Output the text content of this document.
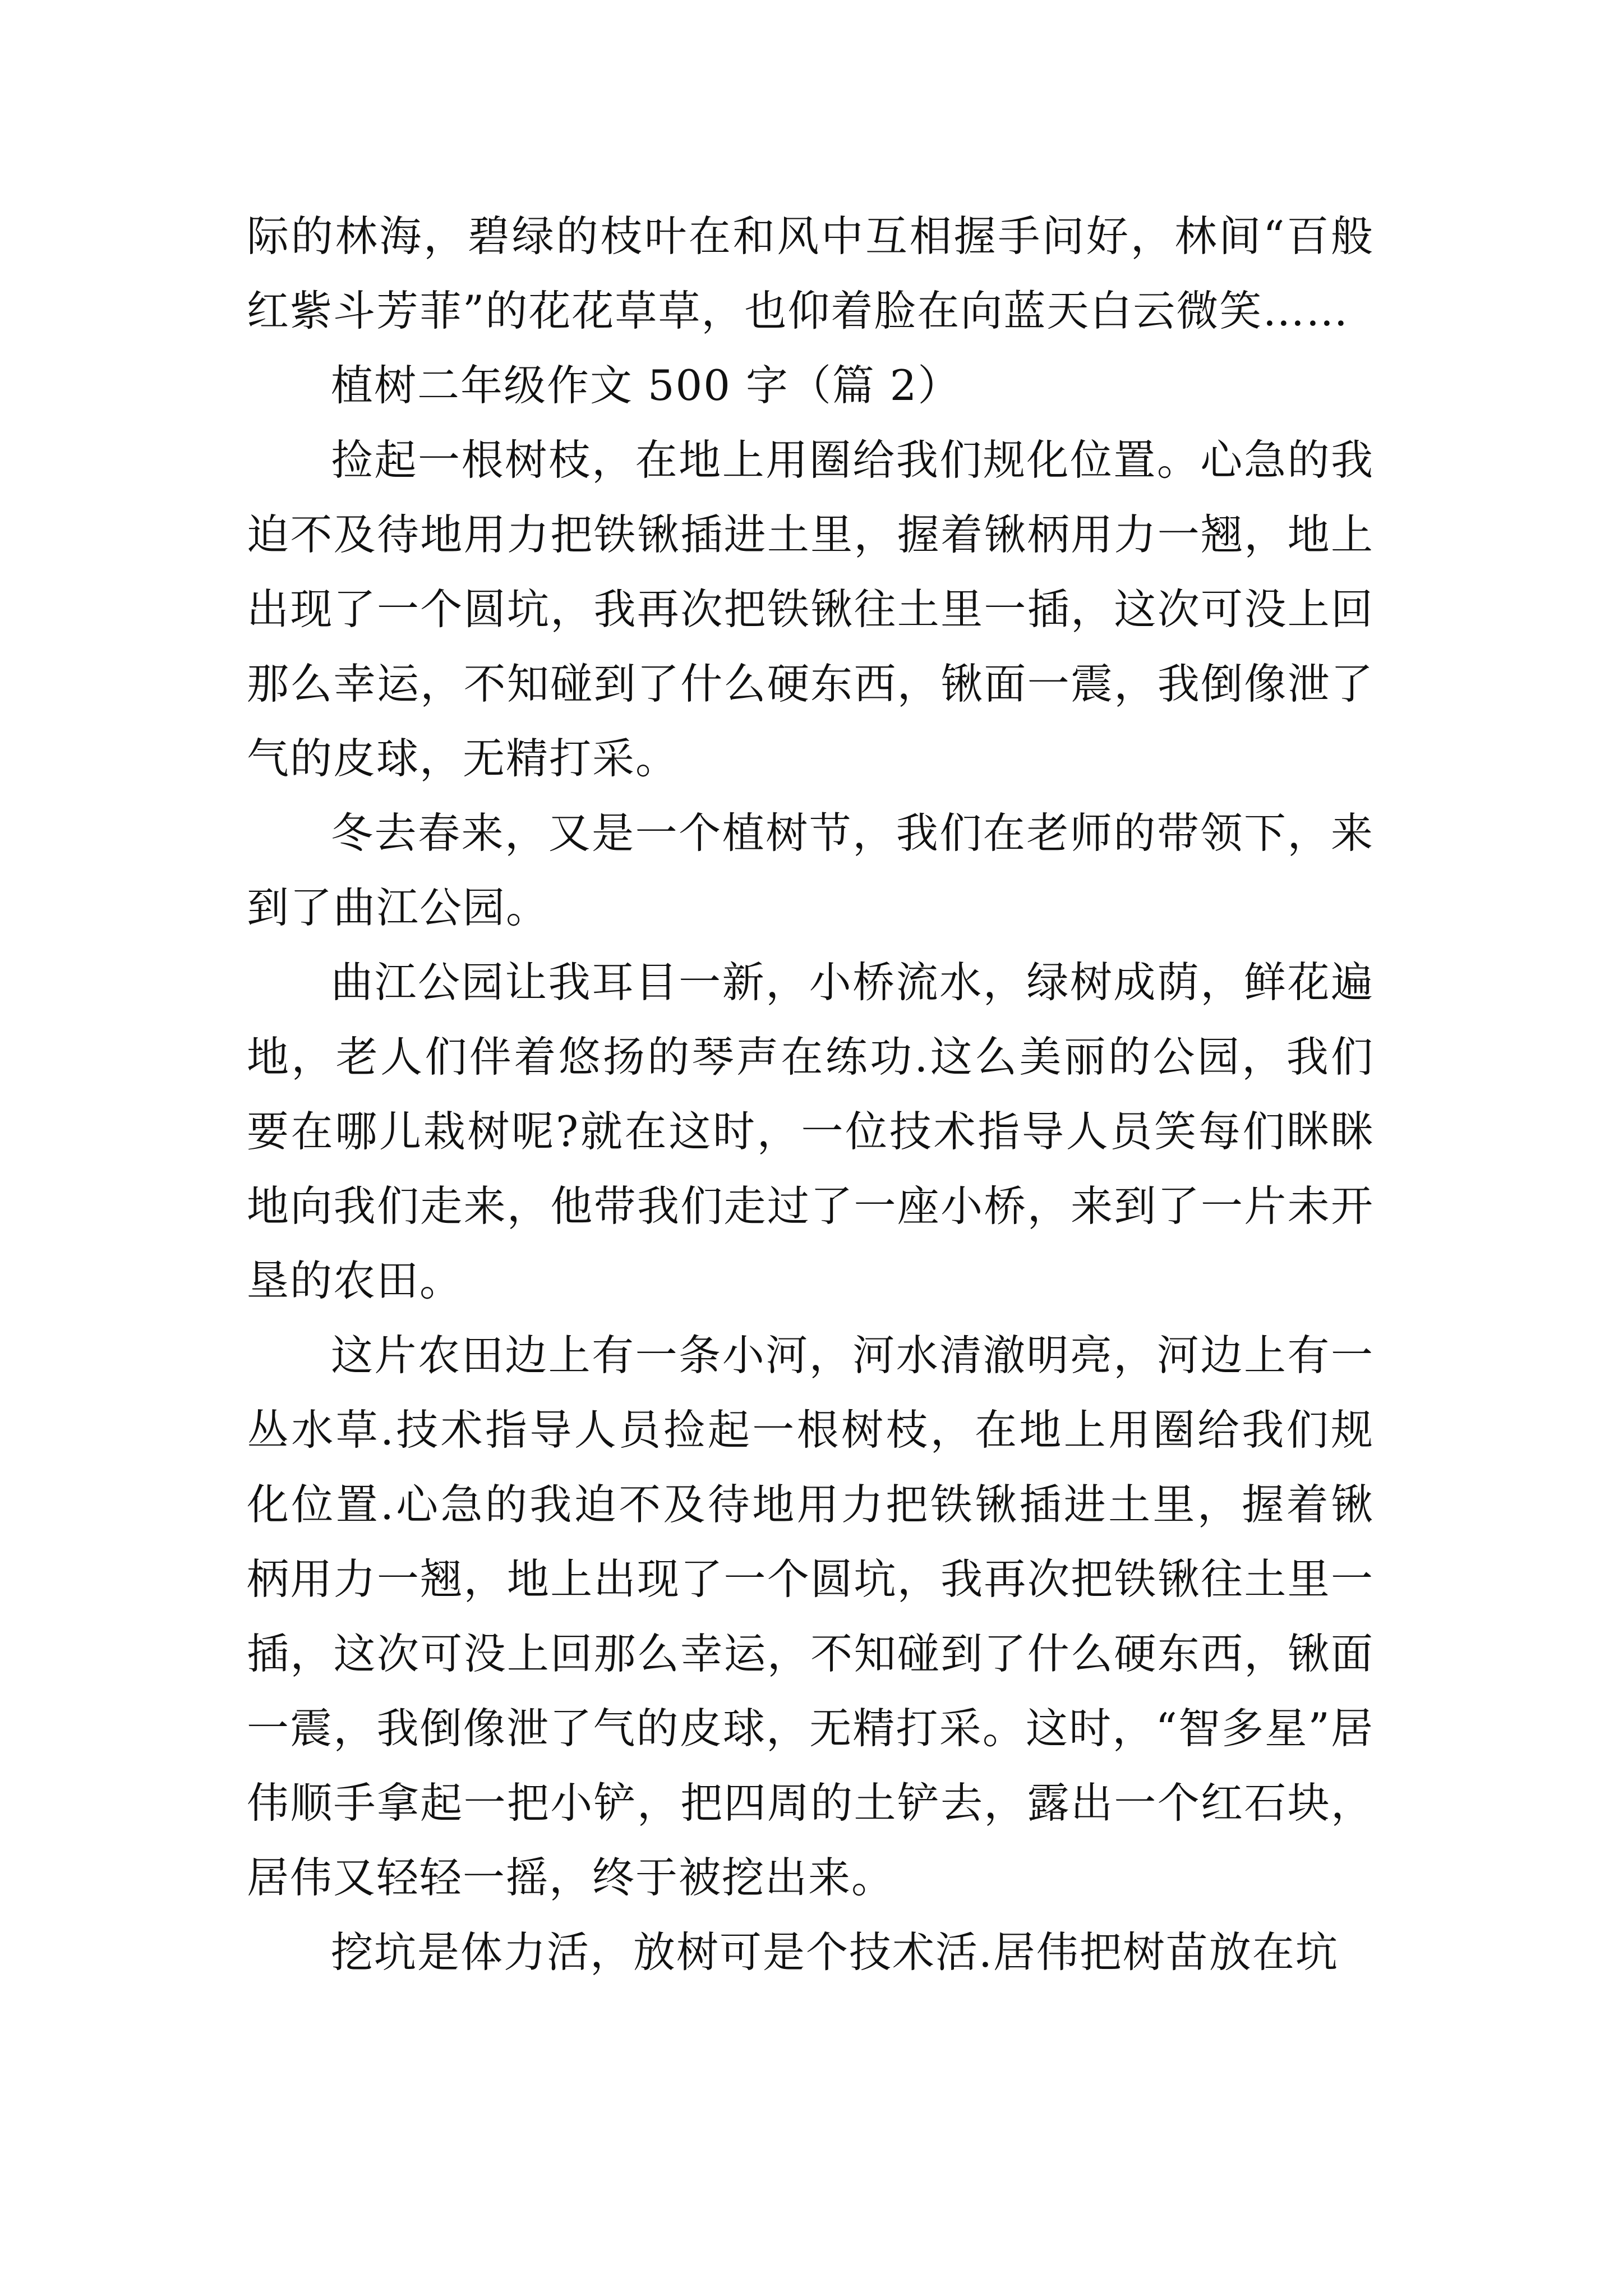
际的林海，碧绿的枝叶在和风中互相握手问好，林间“百般红紫斗芳菲”的花花草草，也仰着脸在向蓝天白云微笑……

植树二年级作文 500 字（篇 2）

捡起一根树枝，在地上用圈给我们规化位置。心急的我迫不及待地用力把铁锹插进土里，握着锹柄用力一翘，地上出现了一个圆坑，我再次把铁锹往土里一插，这次可没上回那么幸运，不知碰到了什么硬东西，锹面一震，我倒像泄了气的皮球，无精打采。

冬去春来，又是一个植树节，我们在老师的带领下，来到了曲江公园。

曲江公园让我耳目一新，小桥流水，绿树成荫，鲜花遍地，老人们伴着悠扬的琴声在练功.这么美丽的公园，我们要在哪儿栽树呢?就在这时，一位技术指导人员笑每们眯眯地向我们走来，他带我们走过了一座小桥，来到了一片未开垦的农田。

这片农田边上有一条小河，河水清澈明亮，河边上有一丛水草.技术指导人员捡起一根树枝，在地上用圈给我们规化位置.心急的我迫不及待地用力把铁锹插进土里，握着锹柄用力一翘，地上出现了一个圆坑，我再次把铁锹往土里一插，这次可没上回那么幸运，不知碰到了什么硬东西，锹面一震，我倒像泄了气的皮球，无精打采。这时，“智多星”居伟顺手拿起一把小铲，把四周的土铲去，露出一个红石块，居伟又轻轻一摇，终于被挖出来。

挖坑是体力活，放树可是个技术活.居伟把树苗放在坑
